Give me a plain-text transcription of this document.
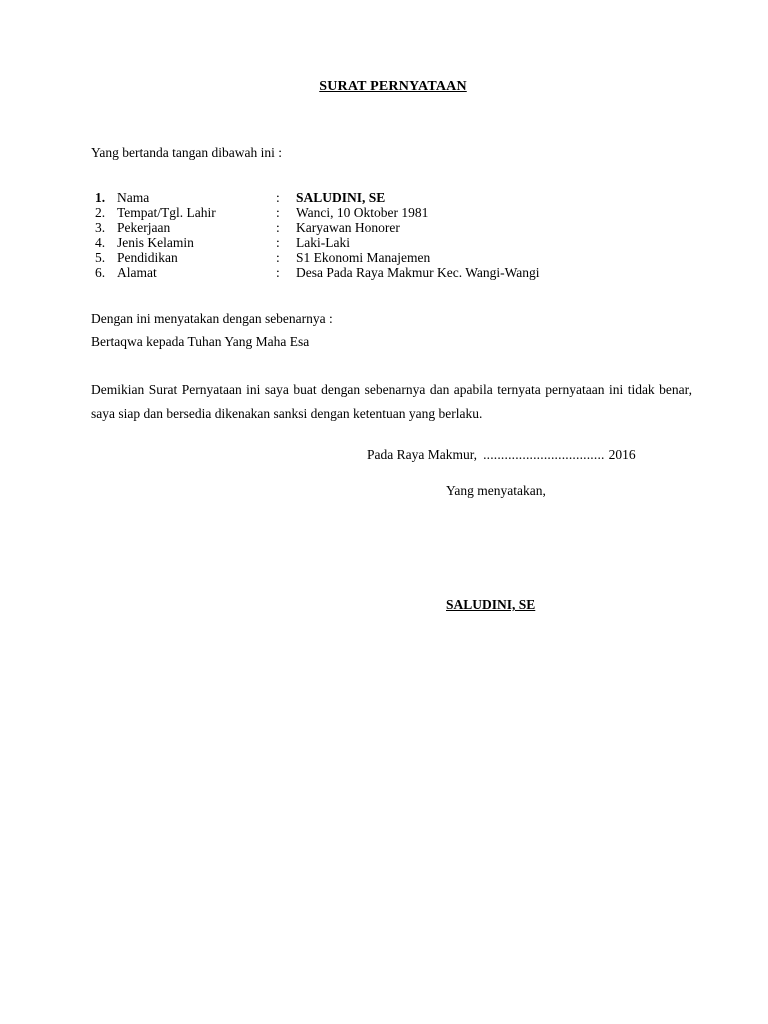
SURAT PERNYATAAN
Yang bertanda tangan dibawah ini :
1. Nama	: SALUDINI, SE
2. Tempat/Tgl. Lahir	: Wanci, 10 Oktober 1981
3. Pekerjaan	: Karyawan Honorer
4. Jenis Kelamin	: Laki-Laki
5. Pendidikan	: S1 Ekonomi Manajemen
6. Alamat	: Desa Pada Raya Makmur Kec. Wangi-Wangi
Dengan ini menyatakan dengan sebenarnya :
Bertaqwa kepada Tuhan Yang Maha Esa
Demikian Surat Pernyataan ini saya buat dengan sebenarnya dan apabila ternyata pernyataan ini tidak benar, saya siap dan bersedia dikenakan sanksi dengan ketentuan yang berlaku.
Pada Raya Makmur, .................................. 2016
Yang menyatakan,
SALUDINI, SE
